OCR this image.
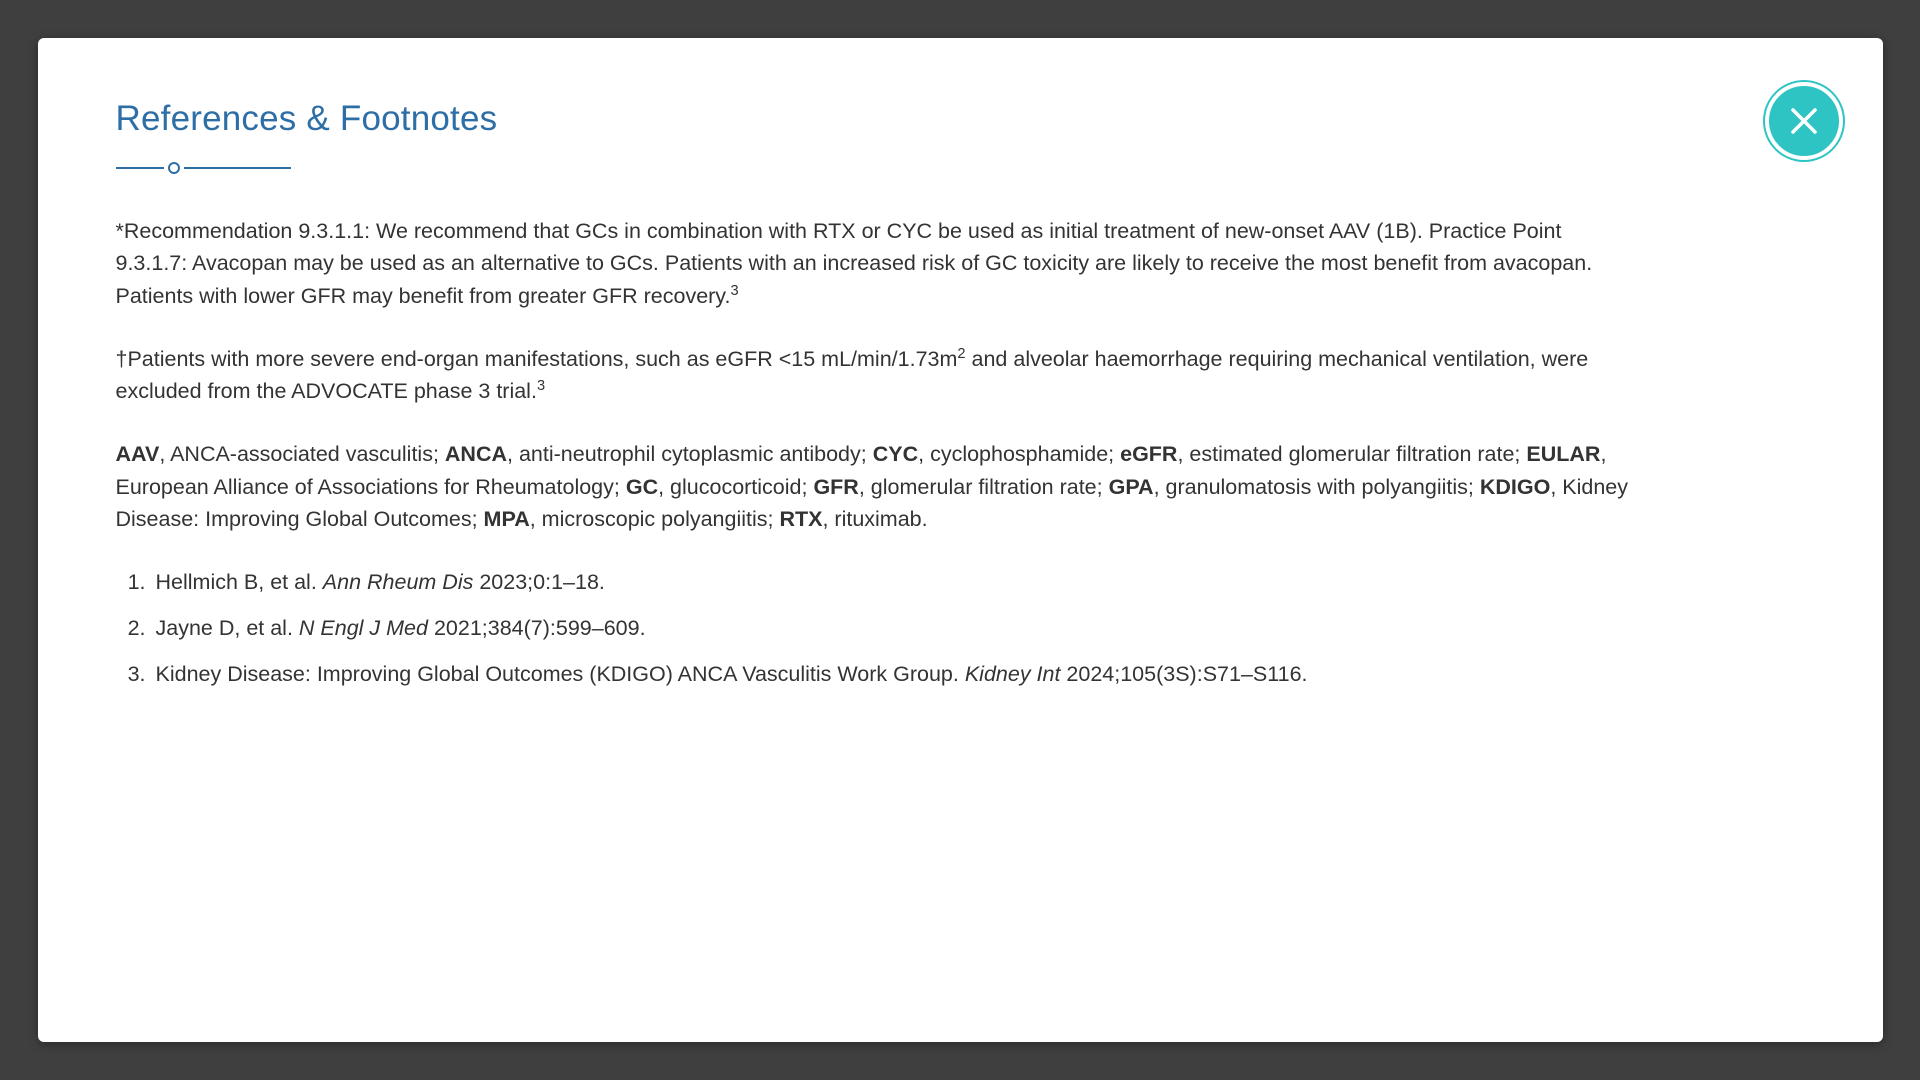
References & Footnotes

*Recommendation 9.3.1.1: We recommend that GCs in combination with RTX or CYC be used as initial treatment of new-onset AAV (1B). Practice Point 9.3.1.7: Avacopan may be used as an alternative to GCs. Patients with an increased risk of GC toxicity are likely to receive the most benefit from avacopan. Patients with lower GFR may benefit from greater GFR recovery.$^3$

†Patients with more severe end-organ manifestations, such as eGFR <15 $mL/\min/1.73m^2$ and alveolar haemorrhage requiring mechanical ventilation, were excluded from the ADVOCATE phase 3 trial.$^3$

AAV, ANCA-associated vasculitis; ANCA, anti-neutrophil cytoplasmic antibody; CYC, cyclophosphamide; eGFR, estimated glomerular filtration rate; EULAR, European Alliance of Associations for Rheumatology; GC, glucocorticoid; GFR, glomerular filtration rate; GPA, granulomatosis with polyangiitis; KDIGO, Kidney Disease: Improving Global Outcomes; MPA, microscopic polyangiitis; RTX, rituximab.

1. Hellmich B, et al. Ann Rheum Dis 2023;0:1–18.
2. Jayne D, et al. N Engl J Med 2021;384(7):599–609.
3. Kidney Disease: Improving Global Outcomes (KDIGO) ANCA Vasculitis Work Group. Kidney Int 2024;105(3S):S71–S116.
